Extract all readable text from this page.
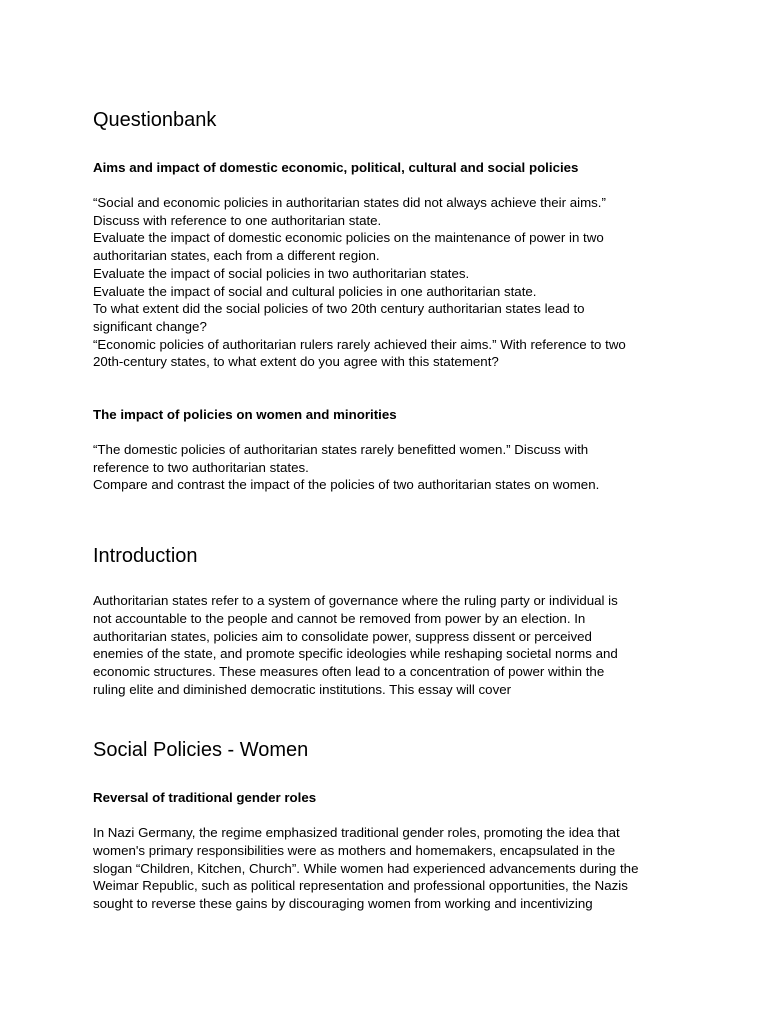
Questionbank
Aims and impact of domestic economic, political, cultural and social policies

“Social and economic policies in authoritarian states did not always achieve their aims.”

Discuss with reference to one authoritarian state.

Evaluate the impact of domestic economic policies on the maintenance of power in two

authoritarian states, each from a different region.

Evaluate the impact of social policies in two authoritarian states.

Evaluate the impact of social and cultural policies in one authoritarian state.

To what extent did the social policies of two 20th century authoritarian states lead to

significant change?

“Economic policies of authoritarian rulers rarely achieved their aims.” With reference to two

20th-century states, to what extent do you agree with this statement?

The impact of policies on women and minorities

“The domestic policies of authoritarian states rarely benefitted women.” Discuss with

reference to two authoritarian states.

Compare and contrast the impact of the policies of two authoritarian states on women.

Introduction

Authoritarian states refer to a system of governance where the ruling party or individual is

not accountable to the people and cannot be removed from power by an election. In

authoritarian states, policies aim to consolidate power, suppress dissent or perceived

enemies of the state, and promote specific ideologies while reshaping societal norms and

economic structures. These measures often lead to a concentration of power within the

ruling elite and diminished democratic institutions. This essay will cover

Social Policies - Women
Reversal of traditional gender roles

In Nazi Germany, the regime emphasized traditional gender roles, promoting the idea that

women's primary responsibilities were as mothers and homemakers, encapsulated in the

slogan “Children, Kitchen, Church”. While women had experienced advancements during the

Weimar Republic, such as political representation and professional opportunities, the Nazis

sought to reverse these gains by discouraging women from working and incentivizing
